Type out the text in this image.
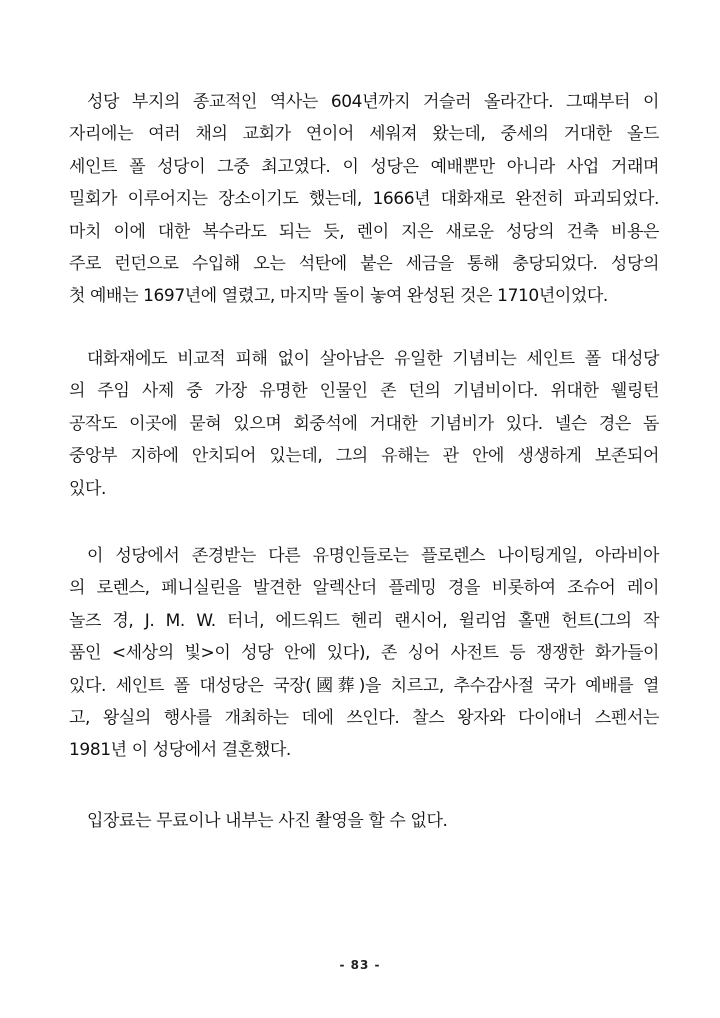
성당 부지의 종교적인 역사는 604년까지 거슬러 올라간다. 그때부터 이
자리에는 여러 채의 교회가 연이어 세워져 왔는데, 중세의 거대한 올드
세인트 폴 성당이 그중 최고였다. 이 성당은 예배뿐만 아니라 사업 거래며
밀회가 이루어지는 장소이기도 했는데, 1666년 대화재로 완전히 파괴되었다.
마치 이에 대한 복수라도 되는 듯, 렌이 지은 새로운 성당의 건축 비용은
주로 런던으로 수입해 오는 석탄에 붙은 세금을 통해 충당되었다. 성당의
첫 예배는 1697년에 열렸고, 마지막 돌이 놓여 완성된 것은 1710년이었다.
대화재에도 비교적 피해 없이 살아남은 유일한 기념비는 세인트 폴 대성당
의 주임 사제 중 가장 유명한 인물인 존 던의 기념비이다. 위대한 웰링턴
공작도 이곳에 묻혀 있으며 회중석에 거대한 기념비가 있다. 넬슨 경은 돔
중앙부 지하에 안치되어 있는데, 그의 유해는 관 안에 생생하게 보존되어
있다.
이 성당에서 존경받는 다른 유명인들로는 플로렌스 나이팅게일, 아라비아
의 로렌스, 페니실린을 발견한 알렉산더 플레밍 경을 비롯하여 조슈어 레이
놀즈 경, J. M. W. 터너, 에드워드 헨리 랜시어, 윌리엄 홀맨 헌트(그의 작
품인 <세상의 빛>이 성당 안에 있다), 존 싱어 사전트 등 쟁쟁한 화가들이
있다. 세인트 폴 대성당은 국장(國葬)을 치르고, 추수감사절 국가 예배를 열
고, 왕실의 행사를 개최하는 데에 쓰인다. 찰스 왕자와 다이애너 스펜서는
1981년 이 성당에서 결혼했다.
입장료는 무료이나 내부는 사진 촬영을 할 수 없다.
- 83 -
